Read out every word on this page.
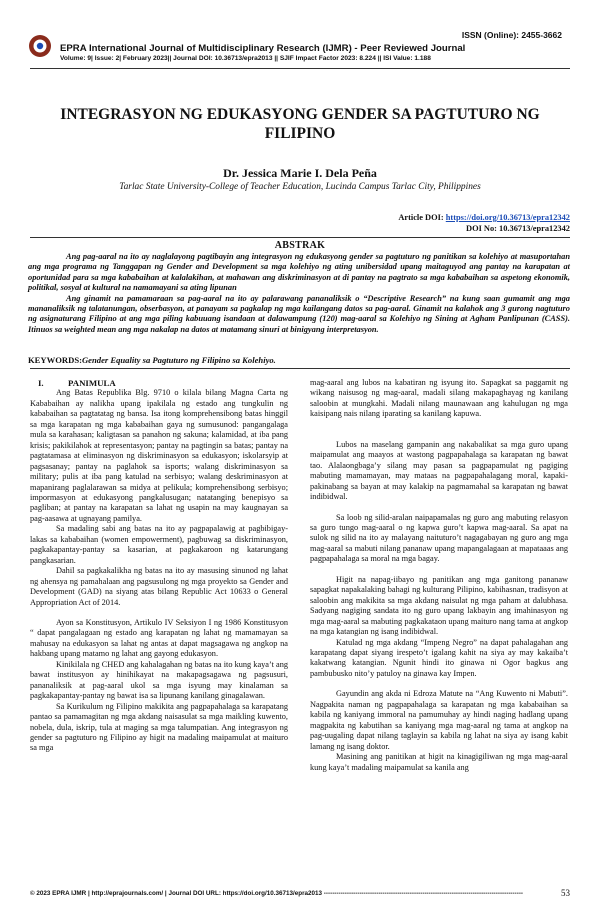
ISSN (Online): 2455-3662
EPRA International Journal of Multidisciplinary Research (IJMR) - Peer Reviewed Journal
Volume: 9| Issue: 2| February 2023|| Journal DOI: 10.36713/epra2013 || SJIF Impact Factor 2023: 8.224 || ISI Value: 1.188
INTEGRASYON NG EDUKASYONG GENDER SA PAGTUTURO NG FILIPINO
Dr. Jessica Marie I. Dela Peña
Tarlac State University-College of Teacher Education, Lucinda Campus Tarlac City, Philippines
Article DOI: https://doi.org/10.36713/epra12342
DOI No: 10.36713/epra12342
ABSTRAK
Ang pag-aaral na ito ay naglalayong pagtibayin ang integrasyon ng edukasyong gender sa pagtuturo ng panitikan sa kolehiyo at masuportahan ang mga programa ng Tanggapan ng Gender and Development sa mga kolehiyo ng ating unibersidad upang maitaguyod ang pantay na karapatan at oportunidad para sa mga kababaihan at kalalakihan, at mahawan ang diskriminasyon at di pantay na pagtrato sa mga kababaihan sa aspetong ekonomik, politikal, sosyal at kultural na namamayani sa ating lipunan
Ang ginamit na pamamaraan sa pag-aaral na ito ay palarawang pananaliksik o “Descriptive Research” na kung saan gumamit ang mga mananaliksik ng talatanungan, obserbasyon, at panayam sa pagkalap ng mga kailangang datos sa pag-aaral. Ginamit na kalahok ang 3 gurong nagtuturo ng asignaturang Filipino at ang mga piling kabuuang isandaan at dalawampung (120) mag-aaral sa Kolehiyo ng Sining at Agham Panlipunan (CASS). Itinuos sa weighted mean ang mga nakalap na datos at matamang sinuri at binigyang interpretasyon.
KEYWORDS:Gender Equality sa Pagtuturo ng Filipino sa Kolehiyo.

I.	PANIMULA

Ang Batas Republika Blg. 9710 o kilala bilang Magna Carta ng Kababaihan ay nalikha upang ipakilala ng estado ang tungkulin ng kababaihan sa pagtatatag ng bansa. Isa itong komprehensibong batas hinggil sa mga karapatan ng mga kababaihan gaya ng sumusunod: pangangalaga mula sa karahasan; kaligtasan sa panahon ng sakuna; kalamidad, at iba pang krisis; pakikilahok at representasyon; pantay na pagtingin sa batas; pantay na pagtatamasa at eliminasyon ng diskriminasyon sa edukasyon; iskolarsyip at pagsasanay; pantay na paglahok sa isports; walang diskriminasyon sa military; pulis at iba pang katulad na serbisyo; walang deskriminasyon at mapanirang paglalarawan sa midya at pelikula; komprehensibong serbisyo; impormasyon at edukasyong pangkalusugan; natatanging benepisyo sa pagliban; at pantay na karapatan sa lahat ng usapin na may kaugnayan sa pag-aasawa at ugnayang pamilya.

Sa madaling sabi ang batas na ito ay pagpapalawig at pagbibigay-lakas sa kababaihan (women empowerment), pagbuwag sa diskriminasyon, pagkakapantay-pantay sa kasarian, at pagkakaroon ng katarungang pangkasarian.

Dahil sa pagkakalikha ng batas na ito ay masusing sinunod ng lahat ng ahensya ng pamahalaan ang pagsusulong ng mga proyekto sa Gender and Development (GAD) na siyang atas bilang Republic Act 10633 o General Appropriation Act of 2014.

Ayon sa Konstitusyon, Artikulo IV Seksiyon I ng 1986 Konstitusyon “ dapat pangalagaan ng estado ang karapatan ng lahat ng mamamayan sa mahusay na edukasyon sa lahat ng antas at dapat magsagawa ng angkop na hakbang upang matamo ng lahat ang gayong edukasyon.

Kinikilala ng CHED ang kahalagahan ng batas na ito kung kaya’t ang bawat institusyon ay hinihikayat na makapagsagawa ng pagsusuri, pananaliksik at pag-aaral ukol sa mga isyung may kinalaman sa pagkakapantay-pantay ng bawat isa sa lipunang kanilang ginagalawan.

Sa Kurikulum ng Filipino makikita ang pagpapahalaga sa karapatang pantao sa pamamagitan ng mga akdang naisasulat sa mga maikling kuwento, nobela, dula, iskrip, tula at maging sa mga talumpatian. Ang integrasyon ng gender sa pagtuturo ng Filipino ay higit na madaling maipamulat at maituro sa mga

mag-aaral ang lubos na kabatiran ng isyung ito. Sapagkat sa paggamit ng wikang naisusog ng mag-aaral, madali silang makapaghayag ng kanilang saloobin at mungkahi. Madali nilang maunawaan ang kahulugan ng mga kaisipang nais nilang iparating sa kanilang kapuwa.

Lubos na maselang gampanin ang nakabalikat sa mga guro upang maipamulat ang maayos at wastong pagpapahalaga sa karapatan ng bawat tao. Alalaongbaga’y silang may pasan sa pagpapamulat ng pagiging mabuting mamamayan, may mataas na pagpapahalagang moral, kapaki-pakinabang sa bayan at may kalakip na pagmamahal sa karapatan ng bawat indibidwal.

Sa loob ng silid-aralan naipapamalas ng guro ang mabuting relasyon sa guro tungo mag-aaral o ng kapwa guro’t kapwa mag-aaral. Sa apat na sulok ng silid na ito ay malayang naituturo’t nagagabayan ng guro ang mga mag-aaral sa mabuti nilang pananaw upang mapangalagaan at mapataaas ang pagpapahalaga sa moral na mga bagay.

Higit na napag-iibayo ng panitikan ang mga ganitong pananaw sapagkat napakalaking bahagi ng kulturang Pilipino, kabihasnan, tradisyon at saloobin ang makikita sa mga akdang naisulat ng mga paham at dalubhasa. Sadyang nagiging sandata ito ng guro upang lakbayin ang imahinasyon ng mga mag-aaral sa mabuting pagkakataon upang maituro nang tama at angkop na mga katangian ng isang indibidwal.

Katulad ng mga akdang “Impeng Negro” na dapat pahalagahan ang karapatang dapat siyang irespeto’t igalang kahit na siya ay may kakaiba’t kakatwang katangian. Ngunit hindi ito ginawa ni Ogor bagkus ang pambubusko nito’y patuloy na ginawa kay Impen.

Gayundin ang akda ni Edroza Matute na “Ang Kuwento ni Mabuti”. Nagpakita naman ng pagpapahalaga sa karapatan ng mga kababaihan sa kabila ng kaniyang immoral na pamumuhay ay hindi naging hadlang upang magpakita ng kabutihan sa kaniyang mga mag-aaral ng tama at angkop na pag-uugaling dapat nilang taglayin sa kabila ng lahat na siya ay isang kabit lamang ng isang doktor.

Masining ang panitikan at higit na kinagigiliwan ng mga mag-aaral kung kaya’t madaling maipamulat sa kanila ang

© 2023 EPRA IJMR | http://eprajournals.com/ | Journal DOI URL: https://doi.org/10.36713/epra2013 -----------------------------------------------------------------------------------------------	53
